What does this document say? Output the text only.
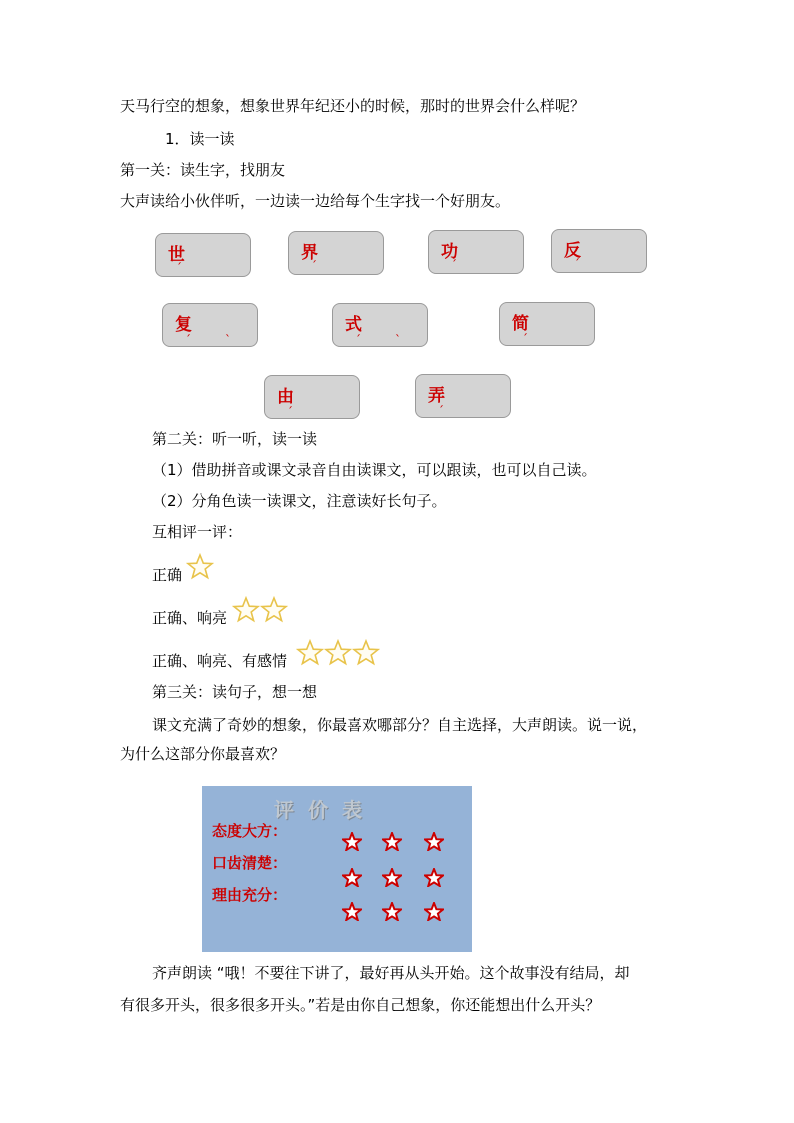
天马行空的想象，想象世界年纪还小的时候，那时的世界会什么样呢？
1．读一读
第一关：读生字，找朋友
大声读给小伙伴听，一边读一边给每个生字找一个好朋友。
世
ˊ
界
ˊ
功
ˊ
反
ˊ
复
ˊ	ˋ
式
ˊ	ˋ
简
ˊ
由
ˊ
弄
ˊ
第二关：听一听，读一读
（1）借助拼音或课文录音自由读课文，可以跟读，也可以自己读。
（2）分角色读一读课文，注意读好长句子。
互相评一评：
正确
正确、响亮
正确、响亮、有感情
第三关：读句子，想一想
课文充满了奇妙的想象，你最喜欢哪部分？自主选择，大声朗读。说一说，
为什么这部分你最喜欢？
评价表
态度大方：
口齿清楚：
理由充分：
齐声朗读 “哦！不要往下讲了，最好再从头开始。这个故事没有结局，却
有很多开头，很多很多开头。”若是由你自己想象，你还能想出什么开头？
